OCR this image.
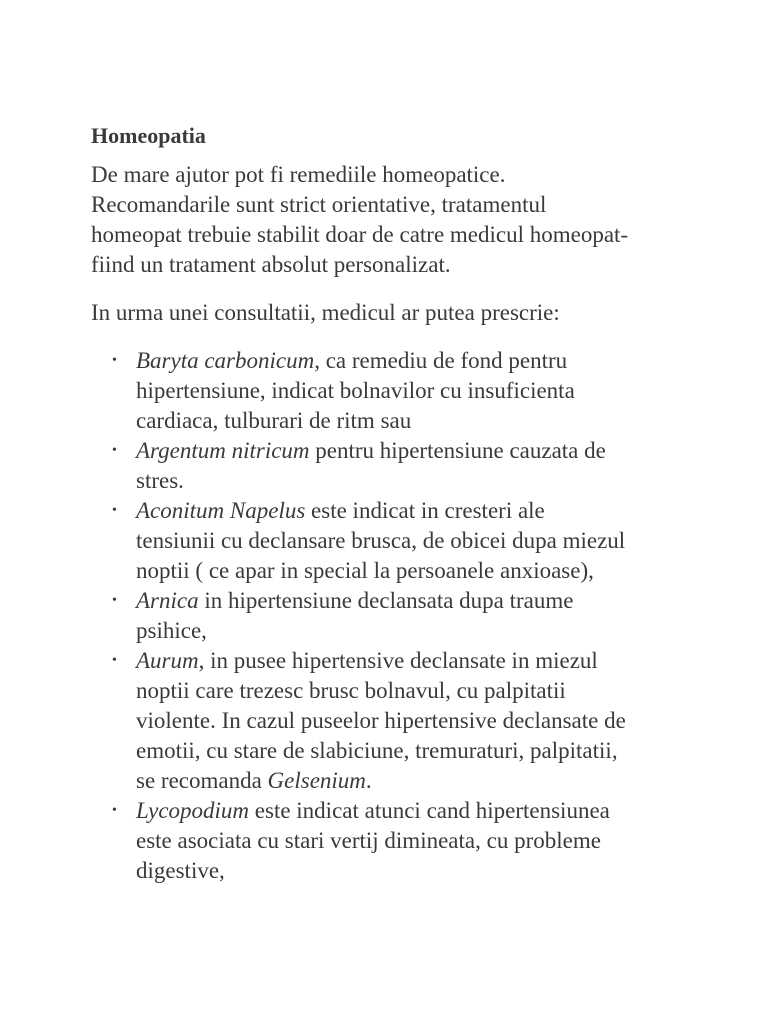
Homeopatia

De mare ajutor pot fi remediile homeopatice.
Recomandarile sunt strict orientative, tratamentul
homeopat trebuie stabilit doar de catre medicul homeopat-
fiind un tratament absolut personalizat.

In urma unei consultatii, medicul ar putea prescrie:

• Baryta carbonicum, ca remediu de fond pentru
hipertensiune, indicat bolnavilor cu insuficienta
cardiaca, tulburari de ritm sau
• Argentum nitricum pentru hipertensiune cauzata de
stres.
• Aconitum Napelus este indicat in cresteri ale
tensiunii cu declansare brusca, de obicei dupa miezul
noptii ( ce apar in special la persoanele anxioase),
• Arnica in hipertensiune declansata dupa traume
psihice,
• Aurum, in pusee hipertensive declansate in miezul
noptii care trezesc brusc bolnavul, cu palpitatii
violente. In cazul puseelor hipertensive declansate de
emotii, cu stare de slabiciune, tremuraturi, palpitatii,
se recomanda Gelsenium.
• Lycopodium este indicat atunci cand hipertensiunea
este asociata cu stari vertij dimineata, cu probleme
digestive,
